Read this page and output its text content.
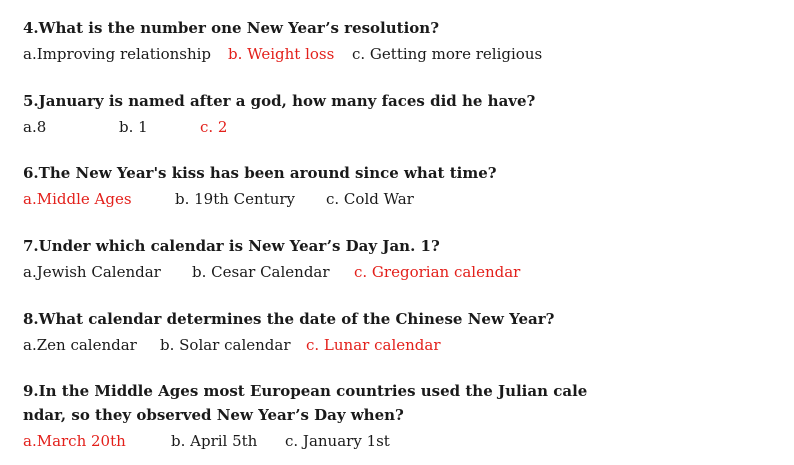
4.What is the number one New Year’s resolution?

a.Improving relationship b. Weight loss c. Getting more religious

5.January is named after a god, how many faces did he have?

a.8	b. 1	c. 2

6.The New Year's kiss has been around since what time?

a.Middle Ages	b. 19th Century c. Cold War

7.Under which calendar is New Year’s Day Jan. 1?

a.Jewish Calendar b. Cesar Calendar c. Gregorian calendar

8.What calendar determines the date of the Chinese New Year?

a.Zen calendar b. Solar calendar c. Lunar calendar

9.In the Middle Ages most European countries used the Julian calendar, so they observed New Year’s Day when?

a.March 20th	b. April 5th c. January 1st
